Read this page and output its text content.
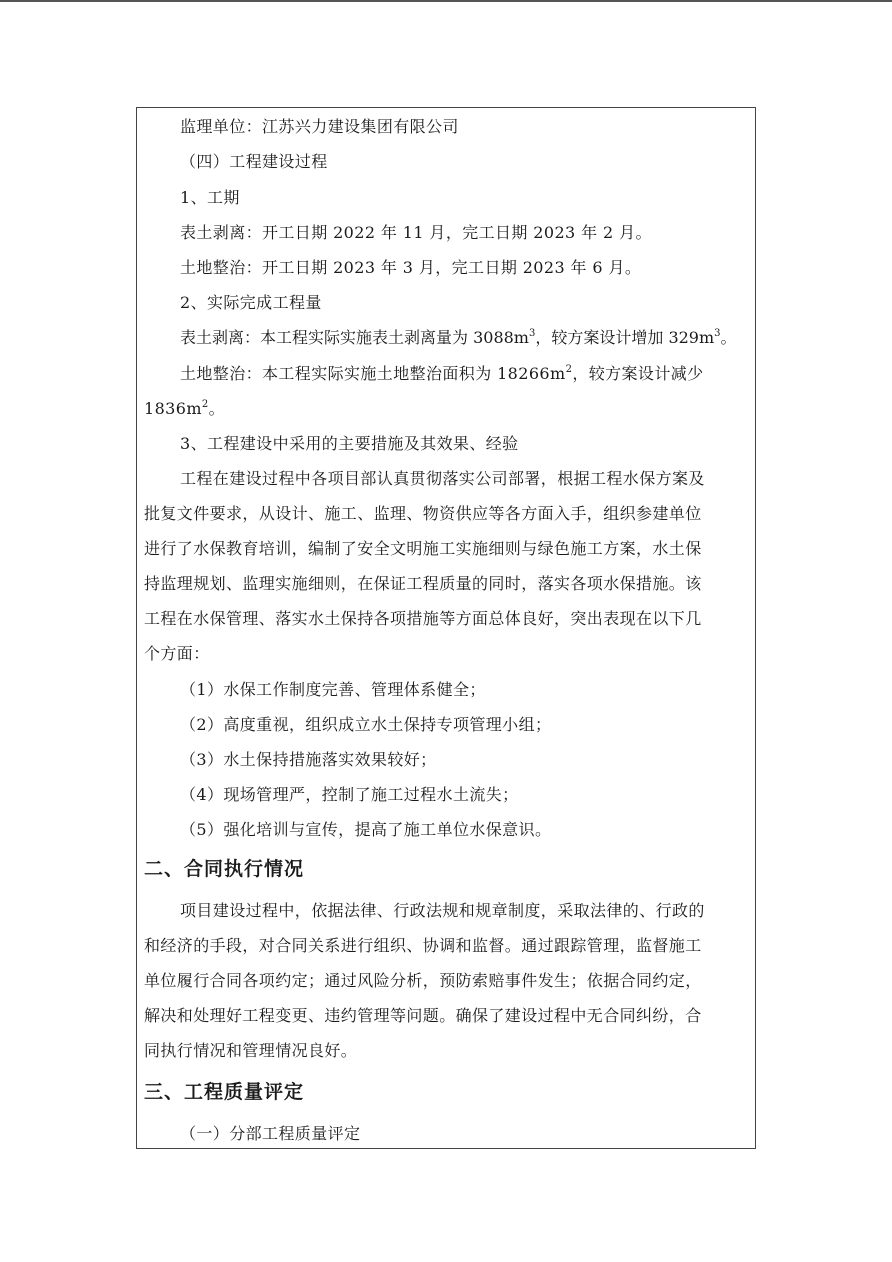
监理单位：江苏兴力建设集团有限公司
（四）工程建设过程
1、工期
表土剥离：开工日期 2022 年 11 月，完工日期 2023 年 2 月。
土地整治：开工日期 2023 年 3 月，完工日期 2023 年 6 月。
2、实际完成工程量
表土剥离：本工程实际实施表土剥离量为 $3088m^3$，较方案设计增加 $329m^3$。
土地整治：本工程实际实施土地整治面积为 $18266m^2$，较方案设计减少
$1836m^2$。
3、工程建设中采用的主要措施及其效果、经验
工程在建设过程中各项目部认真贯彻落实公司部署，根据工程水保方案及
批复文件要求，从设计、施工、监理、物资供应等各方面入手，组织参建单位
进行了水保教育培训，编制了安全文明施工实施细则与绿色施工方案，水土保
持监理规划、监理实施细则，在保证工程质量的同时，落实各项水保措施。该
工程在水保管理、落实水土保持各项措施等方面总体良好，突出表现在以下几
个方面：
（1）水保工作制度完善、管理体系健全；
（2）高度重视，组织成立水土保持专项管理小组；
（3）水土保持措施落实效果较好；
（4）现场管理严，控制了施工过程水土流失；
（5）强化培训与宣传，提高了施工单位水保意识。
二、合同执行情况
项目建设过程中，依据法律、行政法规和规章制度，采取法律的、行政的
和经济的手段，对合同关系进行组织、协调和监督。通过跟踪管理，监督施工
单位履行合同各项约定；通过风险分析，预防索赔事件发生；依据合同约定，
解决和处理好工程变更、违约管理等问题。确保了建设过程中无合同纠纷，合
同执行情况和管理情况良好。
三、工程质量评定
（一）分部工程质量评定
